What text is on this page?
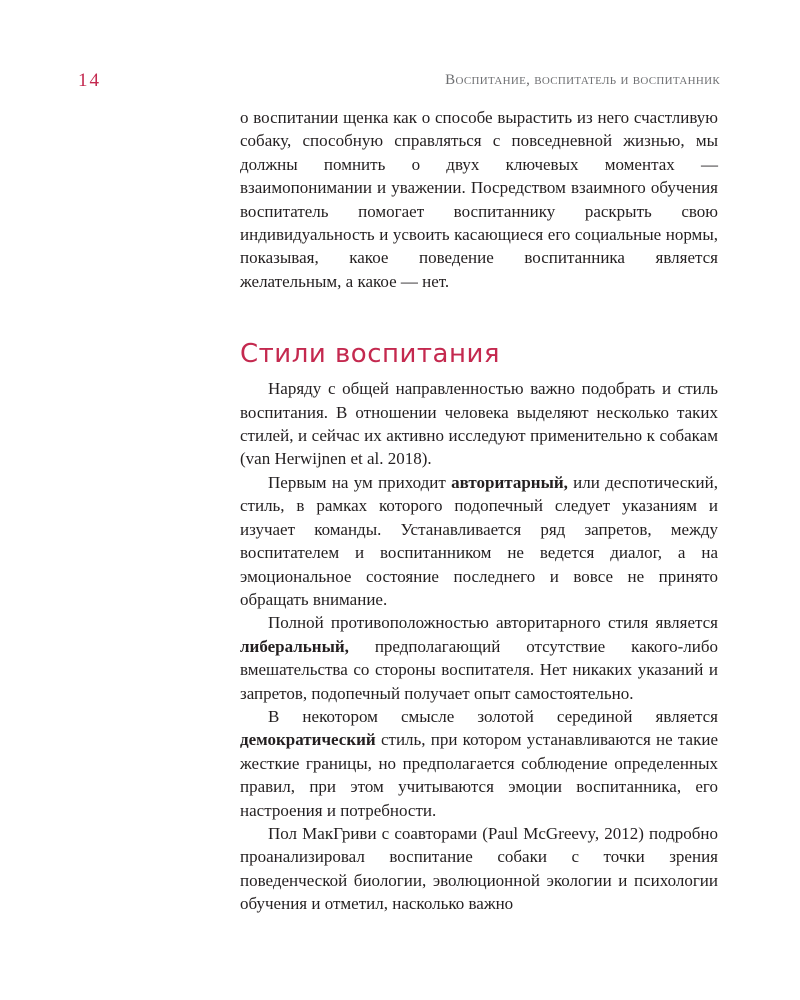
14	Воспитание, воспитатель и воспитанник

о воспитании щенка как о способе вырастить из него счастливую собаку, способную справляться с повседневной жизнью, мы должны помнить о двух ключевых моментах — взаимопонимании и уважении. Посредством взаимного обучения воспитатель помогает воспитаннику раскрыть свою индивидуальность и усвоить касающиеся его социальные нормы, показывая, какое поведение воспитанника является желательным, а какое — нет.

Стили воспитания

Наряду с общей направленностью важно подобрать и стиль воспитания. В отношении человека выделяют несколько таких стилей, и сейчас их активно исследуют применительно к собакам (van Herwijnen et al. 2018).

Первым на ум приходит авторитарный, или деспотический, стиль, в рамках которого подопечный следует указаниям и изучает команды. Устанавливается ряд запретов, между воспитателем и воспитанником не ведется диалог, а на эмоциональное состояние последнего и вовсе не принято обращать внимание.

Полной противоположностью авторитарного стиля является либеральный, предполагающий отсутствие какого-либо вмешательства со стороны воспитателя. Нет никаких указаний и запретов, подопечный получает опыт самостоятельно.

В некотором смысле золотой серединой является демократический стиль, при котором устанавливаются не такие жесткие границы, но предполагается соблюдение определенных правил, при этом учитываются эмоции воспитанника, его настроения и потребности.

Пол МакГриви с соавторами (Paul McGreevy, 2012) подробно проанализировал воспитание собаки с точки зрения поведенческой биологии, эволюционной экологии и психологии обучения и отметил, насколько важно
